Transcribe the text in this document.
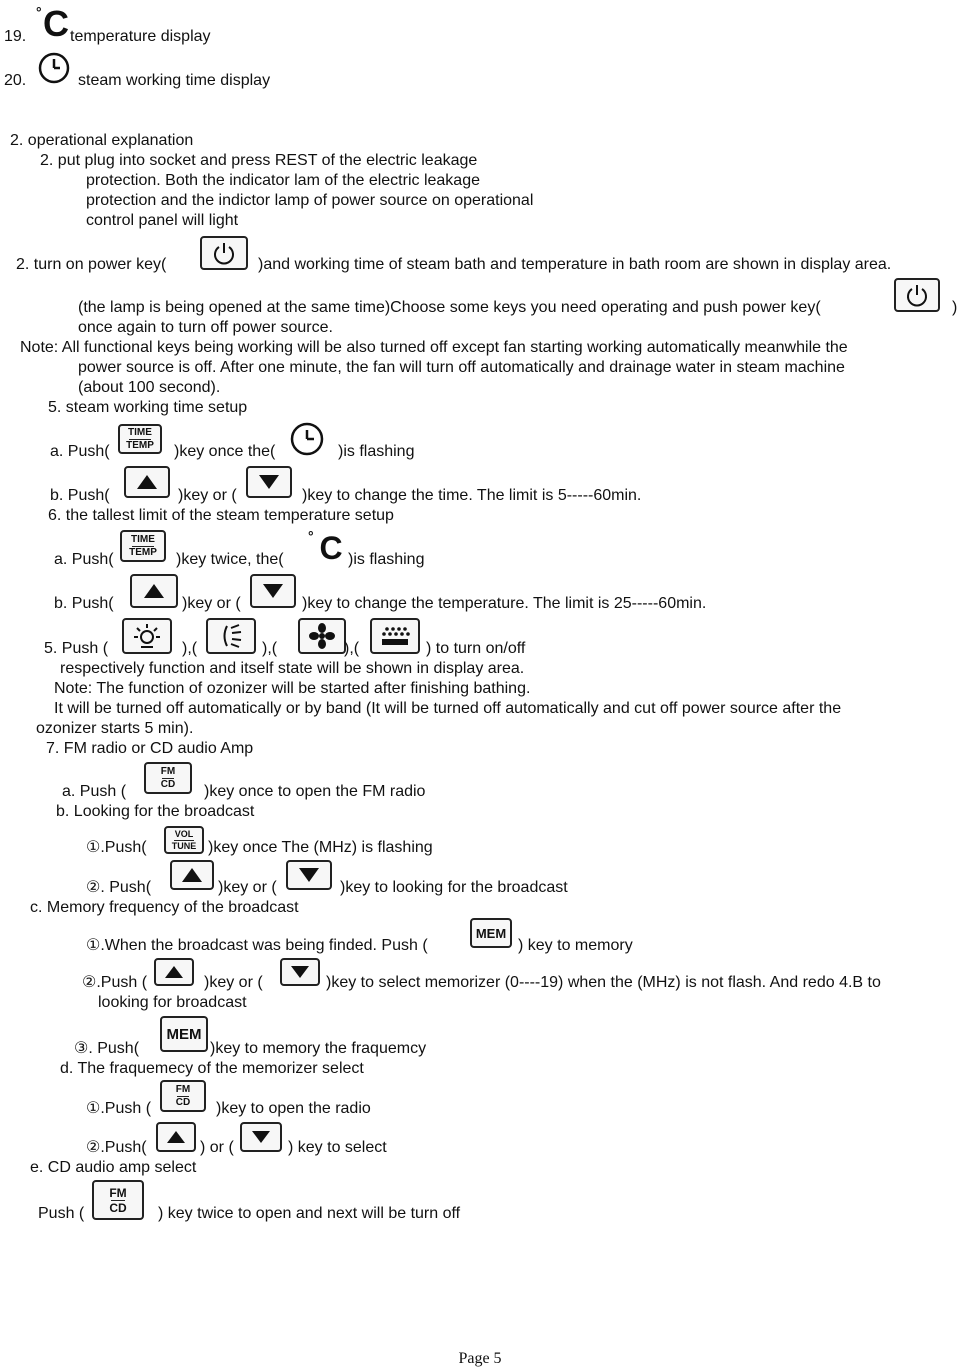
19.
° C temperature display
20.	steam working time display
2. operational explanation
2. put plug into socket and press REST of the electric leakage
protection. Both the indicator lam of the electric leakage
protection and the indictor lamp of power source on operational
control panel will light
2. turn on power key(	)and working time of steam bath and temperature in bath room are shown in display area.
(the lamp is being opened at the same time)Choose some keys you need operating and push power key(	)
once again to turn off power source.
Note: All functional keys being working will be also turned off except fan starting working automatically meanwhile the
power source is off. After one minute, the fan will turn off automatically and drainage water in steam machine
(about 100 second).
5. steam working time setup
a. Push(
TIME
TEMP )key once the(	)is flashing
b. Push(	)key or (	)key to change the time. The limit is 5-----60min.
6. the tallest limit of the steam temperature setup
a. Push(
TIME
TEMP )key twice, the(
° C )is flashing
b. Push(	)key or (	)key to change the temperature. The limit is 25-----60min.
5. Push (	),(	),(	),(	) to turn on/off
respectively function and itself state will be shown in display area.
Note: The function of ozonizer will be started after finishing bathing.
It will be turned off automatically or by band (It will be turned off automatically and cut off power source after the
ozonizer starts 5 min).
7. FM radio or CD audio Amp
a. Push (
FM
CD )key once to open the FM radio
b. Looking for the broadcast
①.Push(
VOL
TUNE )key once The (MHz) is flashing
②. Push(	)key or (	)key to looking for the broadcast
c. Memory frequency of the broadcast
①.When the broadcast was being finded. Push (
MEM
) key to memory
②.Push (	)key or (	)key to select memorizer (0----19) when the (MHz) is not flash. And redo 4.B to
looking for broadcast
③. Push(
MEM
)key to memory the fraquemcy
d. The fraquemecy of the memorizer select
①.Push (
FM
CD )key to open the radio
②.Push(	) or (	) key to select
e. CD audio amp select
Push (
FM
CD ) key twice to open and next will be turn off
Page 5
